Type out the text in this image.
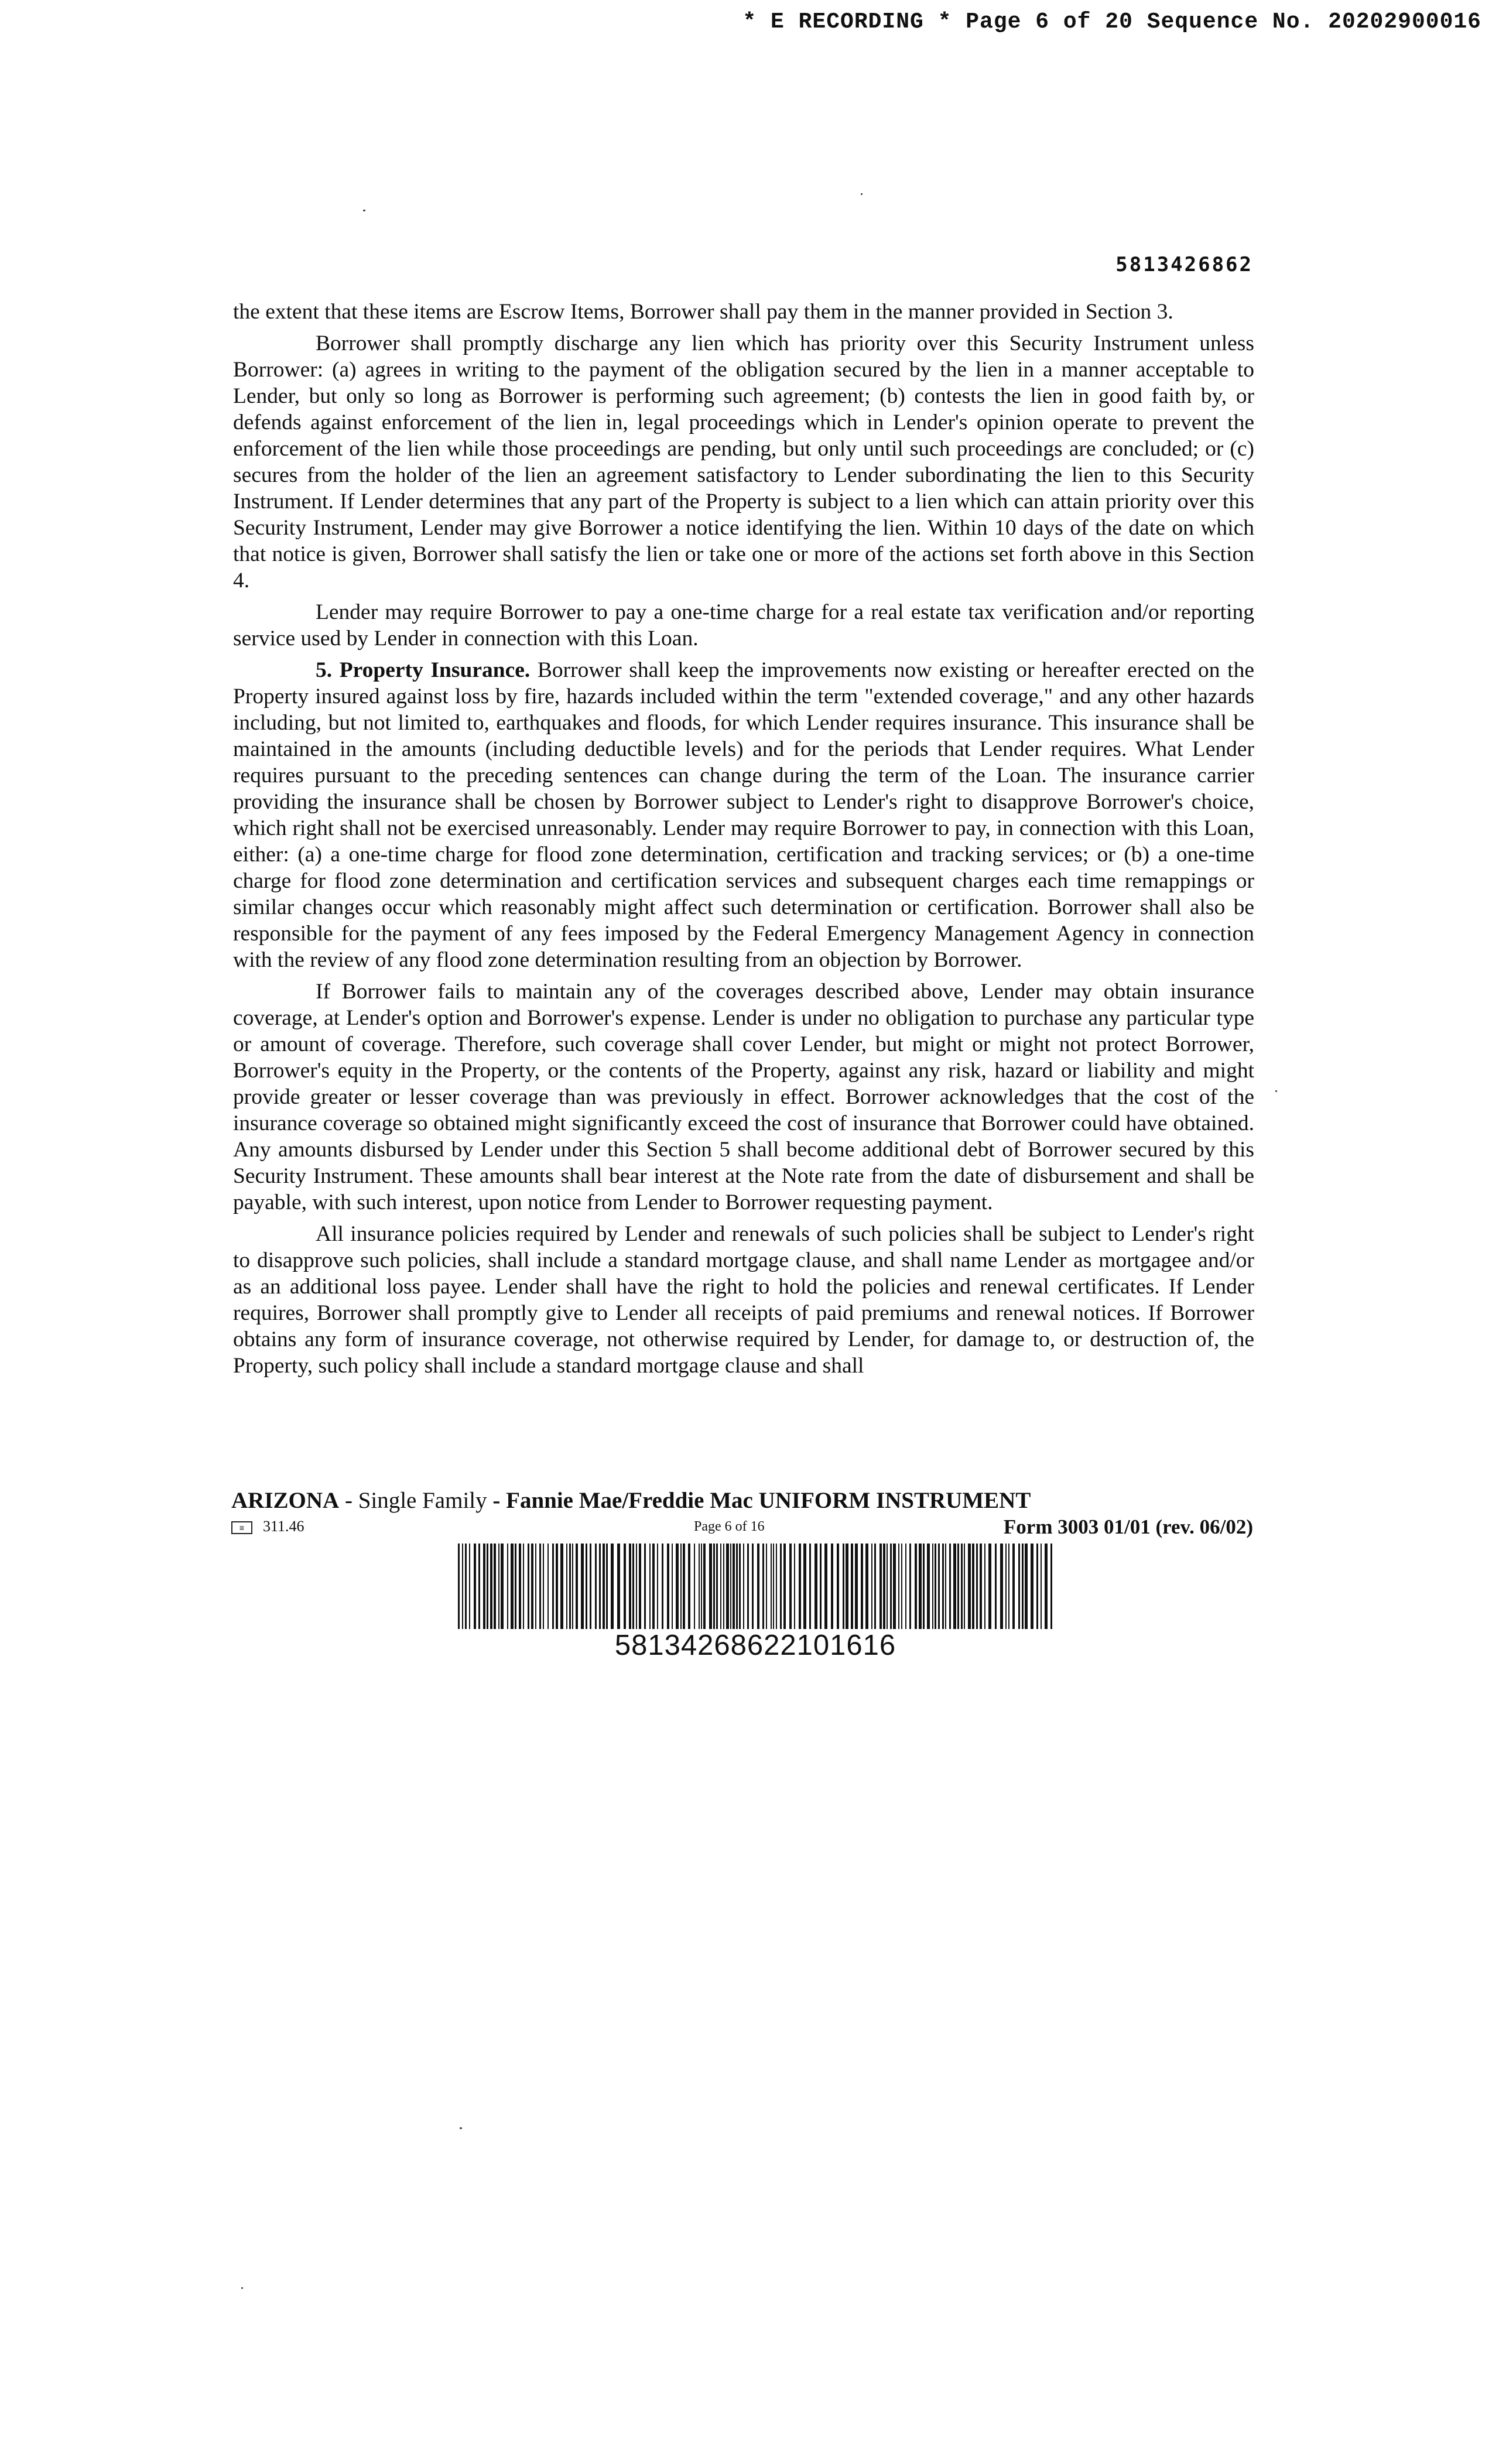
* E RECORDING * Page 6 of 20 Sequence No. 20202900016
5813426862

the extent that these items are Escrow Items, Borrower shall pay them in the manner provided in Section 3.

Borrower shall promptly discharge any lien which has priority over this Security Instrument unless Borrower: (a) agrees in writing to the payment of the obligation secured by the lien in a manner acceptable to Lender, but only so long as Borrower is performing such agreement; (b) contests the lien in good faith by, or defends against enforcement of the lien in, legal proceedings which in Lender's opinion operate to prevent the enforcement of the lien while those proceedings are pending, but only until such proceedings are concluded; or (c) secures from the holder of the lien an agreement satisfactory to Lender subordinating the lien to this Security Instrument. If Lender determines that any part of the Property is subject to a lien which can attain priority over this Security Instrument, Lender may give Borrower a notice identifying the lien. Within 10 days of the date on which that notice is given, Borrower shall satisfy the lien or take one or more of the actions set forth above in this Section 4.

Lender may require Borrower to pay a one-time charge for a real estate tax verification and/or reporting service used by Lender in connection with this Loan.

5. Property Insurance. Borrower shall keep the improvements now existing or hereafter erected on the Property insured against loss by fire, hazards included within the term "extended coverage," and any other hazards including, but not limited to, earthquakes and floods, for which Lender requires insurance. This insurance shall be maintained in the amounts (including deductible levels) and for the periods that Lender requires. What Lender requires pursuant to the preceding sentences can change during the term of the Loan. The insurance carrier providing the insurance shall be chosen by Borrower subject to Lender's right to disapprove Borrower's choice, which right shall not be exercised unreasonably. Lender may require Borrower to pay, in connection with this Loan, either: (a) a one-time charge for flood zone determination, certification and tracking services; or (b) a one-time charge for flood zone determination and certification services and subsequent charges each time remappings or similar changes occur which reasonably might affect such determination or certification. Borrower shall also be responsible for the payment of any fees imposed by the Federal Emergency Management Agency in connection with the review of any flood zone determination resulting from an objection by Borrower.

If Borrower fails to maintain any of the coverages described above, Lender may obtain insurance coverage, at Lender's option and Borrower's expense. Lender is under no obligation to purchase any particular type or amount of coverage. Therefore, such coverage shall cover Lender, but might or might not protect Borrower, Borrower's equity in the Property, or the contents of the Property, against any risk, hazard or liability and might provide greater or lesser coverage than was previously in effect. Borrower acknowledges that the cost of the insurance coverage so obtained might significantly exceed the cost of insurance that Borrower could have obtained. Any amounts disbursed by Lender under this Section 5 shall become additional debt of Borrower secured by this Security Instrument. These amounts shall bear interest at the Note rate from the date of disbursement and shall be payable, with such interest, upon notice from Lender to Borrower requesting payment.

All insurance policies required by Lender and renewals of such policies shall be subject to Lender's right to disapprove such policies, shall include a standard mortgage clause, and shall name Lender as mortgagee and/or as an additional loss payee. Lender shall have the right to hold the policies and renewal certificates. If Lender requires, Borrower shall promptly give to Lender all receipts of paid premiums and renewal notices. If Borrower obtains any form of insurance coverage, not otherwise required by Lender, for damage to, or destruction of, the Property, such policy shall include a standard mortgage clause and shall

ARIZONA - Single Family - Fannie Mae/Freddie Mac UNIFORM INSTRUMENT
≡ 311.46	Page 6 of 16	Form 3003 01/01 (rev. 06/02)
58134268622101616
